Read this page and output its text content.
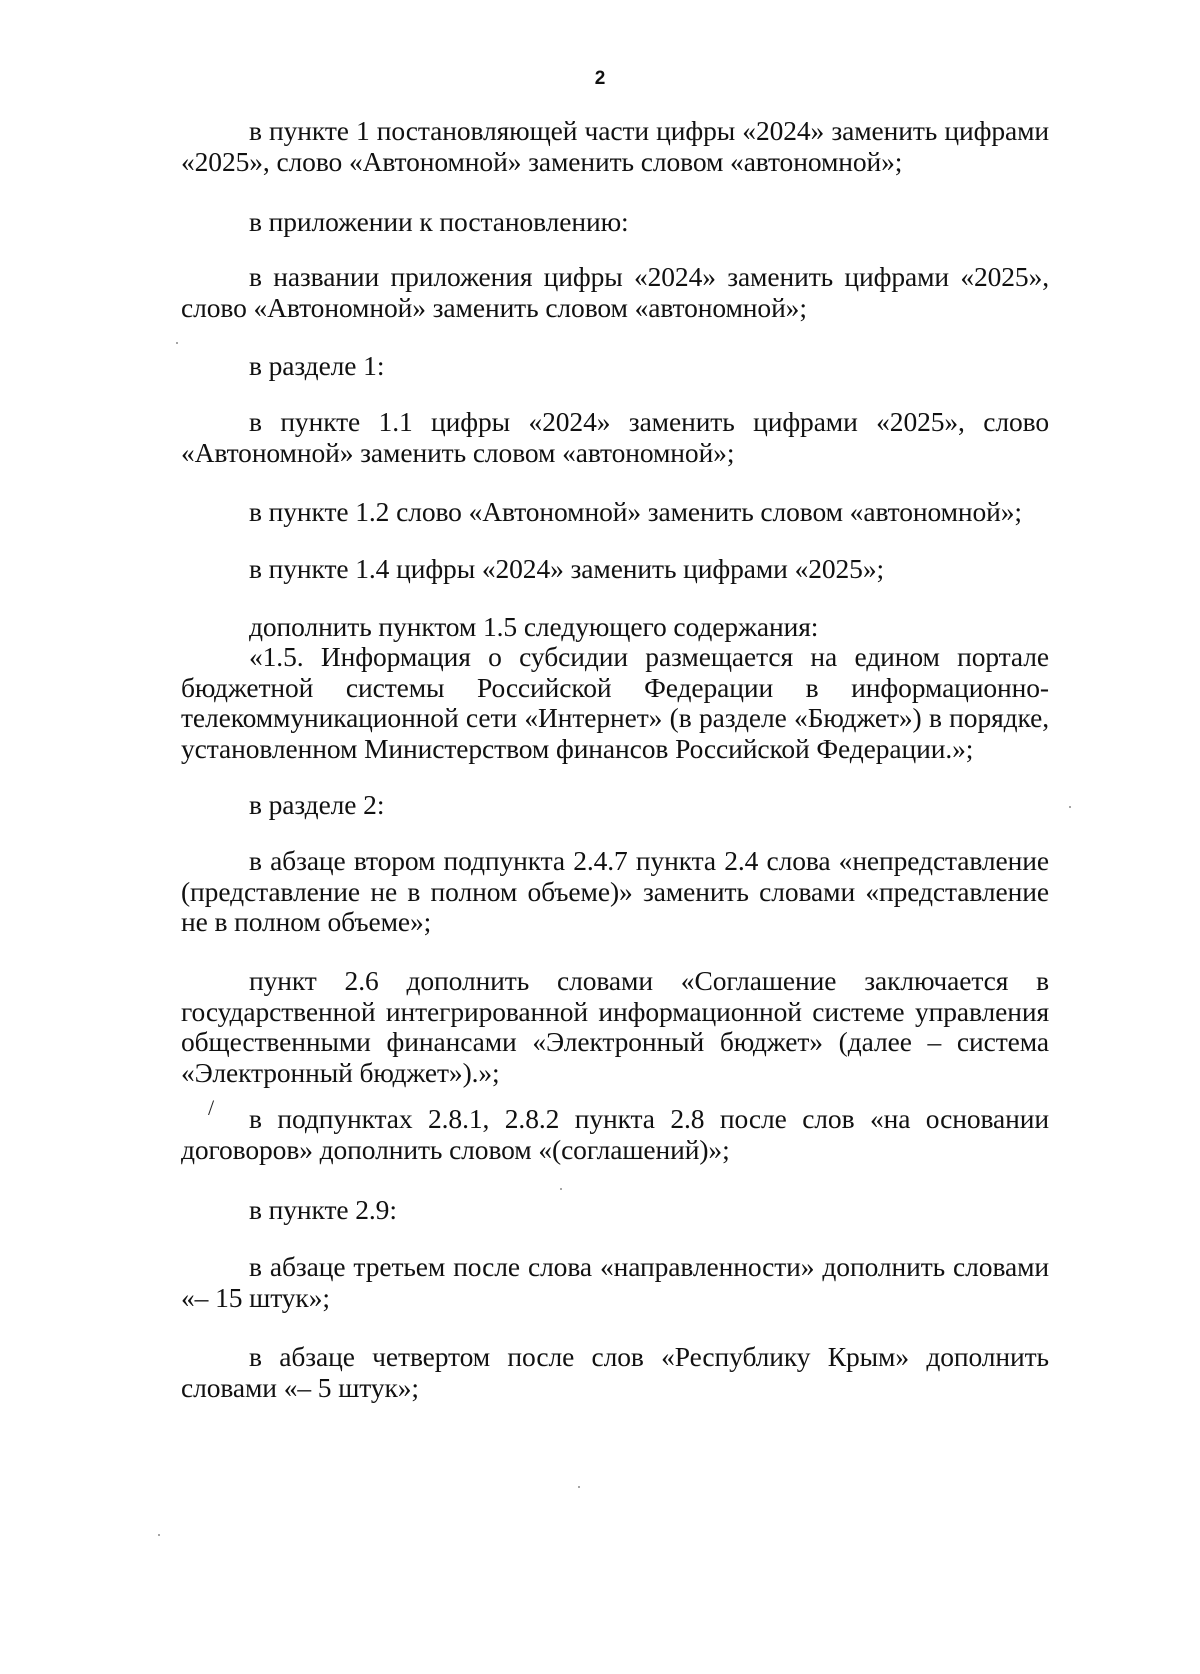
2

в пункте 1 постановляющей части цифры «2024» заменить цифрами «2025», слово «Автономной» заменить словом «автономной»;

в приложении к постановлению:

в названии приложения цифры «2024» заменить цифрами «2025», слово «Автономной» заменить словом «автономной»;

в разделе 1:

в пункте 1.1 цифры «2024» заменить цифрами «2025», слово «Автономной» заменить словом «автономной»;

в пункте 1.2 слово «Автономной» заменить словом «автономной»;

в пункте 1.4 цифры «2024» заменить цифрами «2025»;

дополнить пунктом 1.5 следующего содержания:

«1.5. Информация о субсидии размещается на едином портале бюджетной системы Российской Федерации в информационно-телекоммуникационной сети «Интернет» (в разделе «Бюджет») в порядке, установленном Министерством финансов Российской Федерации.»;

в разделе 2:

в абзаце втором подпункта 2.4.7 пункта 2.4 слова «непредставление (представление не в полном объеме)» заменить словами «представление не в полном объеме»;

пункт 2.6 дополнить словами «Соглашение заключается в государственной интегрированной информационной системе управления общественными финансами «Электронный бюджет» (далее – система «Электронный бюджет»).»;

/	в подпунктах 2.8.1, 2.8.2 пункта 2.8 после слов «на основании договоров» дополнить словом «(соглашений)»;

в пункте 2.9:

в абзаце третьем после слова «направленности» дополнить словами «– 15 штук»;

в абзаце четвертом после слов «Республику Крым» дополнить словами «– 5 штук»;
